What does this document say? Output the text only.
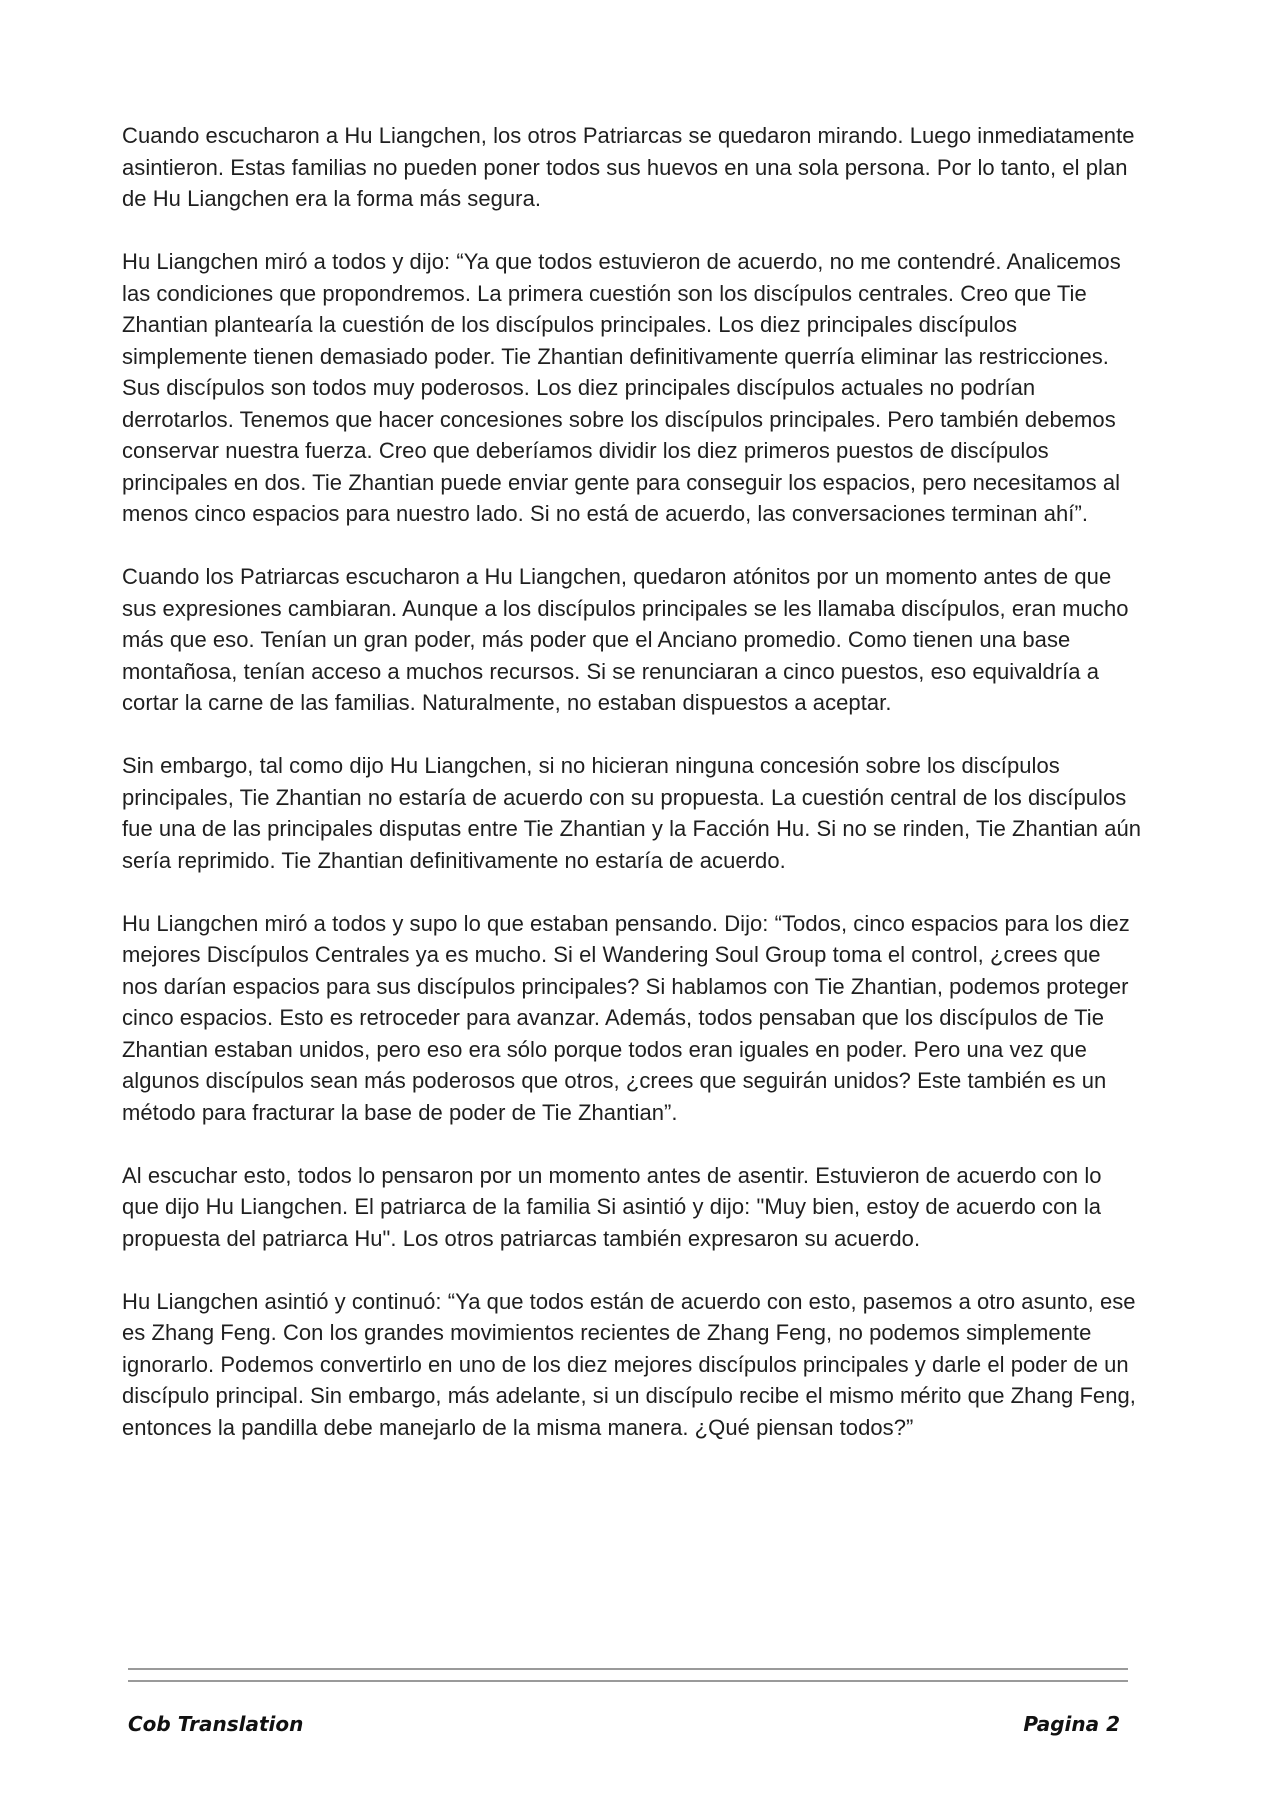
Cuando escucharon a Hu Liangchen, los otros Patriarcas se quedaron mirando. Luego inmediatamente asintieron. Estas familias no pueden poner todos sus huevos en una sola persona. Por lo tanto, el plan de Hu Liangchen era la forma más segura.

Hu Liangchen miró a todos y dijo: “Ya que todos estuvieron de acuerdo, no me contendré. Analicemos las condiciones que propondremos. La primera cuestión son los discípulos centrales. Creo que Tie Zhantian plantearía la cuestión de los discípulos principales. Los diez principales discípulos simplemente tienen demasiado poder. Tie Zhantian definitivamente querría eliminar las restricciones. Sus discípulos son todos muy poderosos. Los diez principales discípulos actuales no podrían derrotarlos. Tenemos que hacer concesiones sobre los discípulos principales. Pero también debemos conservar nuestra fuerza. Creo que deberíamos dividir los diez primeros puestos de discípulos principales en dos. Tie Zhantian puede enviar gente para conseguir los espacios, pero necesitamos al menos cinco espacios para nuestro lado. Si no está de acuerdo, las conversaciones terminan ahí”.

Cuando los Patriarcas escucharon a Hu Liangchen, quedaron atónitos por un momento antes de que sus expresiones cambiaran. Aunque a los discípulos principales se les llamaba discípulos, eran mucho más que eso. Tenían un gran poder, más poder que el Anciano promedio. Como tienen una base montañosa, tenían acceso a muchos recursos. Si se renunciaran a cinco puestos, eso equivaldría a cortar la carne de las familias. Naturalmente, no estaban dispuestos a aceptar.

Sin embargo, tal como dijo Hu Liangchen, si no hicieran ninguna concesión sobre los discípulos principales, Tie Zhantian no estaría de acuerdo con su propuesta. La cuestión central de los discípulos fue una de las principales disputas entre Tie Zhantian y la Facción Hu. Si no se rinden, Tie Zhantian aún sería reprimido. Tie Zhantian definitivamente no estaría de acuerdo.

Hu Liangchen miró a todos y supo lo que estaban pensando. Dijo: “Todos, cinco espacios para los diez mejores Discípulos Centrales ya es mucho. Si el Wandering Soul Group toma el control, ¿crees que nos darían espacios para sus discípulos principales? Si hablamos con Tie Zhantian, podemos proteger cinco espacios. Esto es retroceder para avanzar. Además, todos pensaban que los discípulos de Tie Zhantian estaban unidos, pero eso era sólo porque todos eran iguales en poder. Pero una vez que algunos discípulos sean más poderosos que otros, ¿crees que seguirán unidos? Este también es un método para fracturar la base de poder de Tie Zhantian”.

Al escuchar esto, todos lo pensaron por un momento antes de asentir. Estuvieron de acuerdo con lo que dijo Hu Liangchen. El patriarca de la familia Si asintió y dijo: "Muy bien, estoy de acuerdo con la propuesta del patriarca Hu". Los otros patriarcas también expresaron su acuerdo.

Hu Liangchen asintió y continuó: “Ya que todos están de acuerdo con esto, pasemos a otro asunto, ese es Zhang Feng. Con los grandes movimientos recientes de Zhang Feng, no podemos simplemente ignorarlo. Podemos convertirlo en uno de los diez mejores discípulos principales y darle el poder de un discípulo principal. Sin embargo, más adelante, si un discípulo recibe el mismo mérito que Zhang Feng, entonces la pandilla debe manejarlo de la misma manera. ¿Qué piensan todos?”

Cob Translation	Pagina 2
